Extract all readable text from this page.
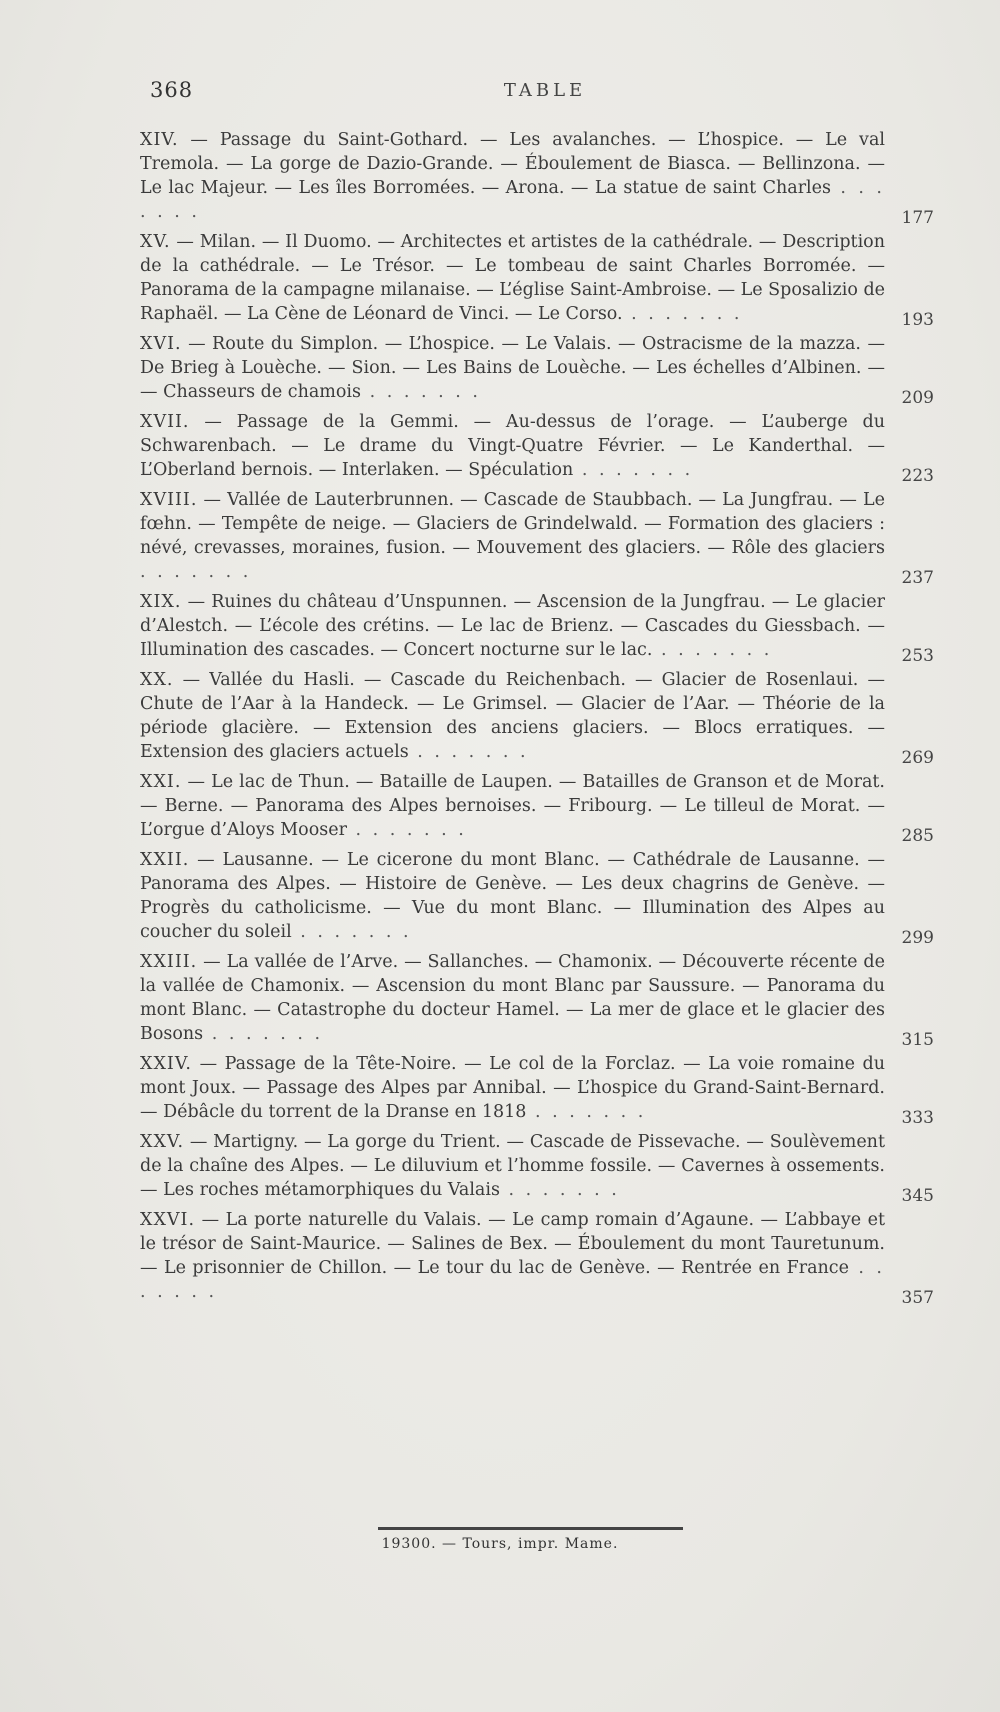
368	TABLE
XIV. — Passage du Saint-Gothard. — Les avalanches. — L’hospice. — Le val Tremola. — La gorge de Dazio-Grande. — Éboulement de Biasca. — Bellinzona. — Le lac Majeur. — Les îles Borromées. — Arona. — La statue de saint Charles . . . . . . .	177
XV. — Milan. — Il Duomo. — Architectes et artistes de la cathédrale. — Description de la cathédrale. — Le Trésor. — Le tombeau de saint Charles Borromée. — Panorama de la campagne milanaise. — L’église Saint-Ambroise. — Le Sposalizio de Raphaël. — La Cène de Léonard de Vinci. — Le Corso. . . . . . . .	193
XVI. — Route du Simplon. — L’hospice. — Le Valais. — Ostracisme de la mazza. — De Brieg à Louèche. — Sion. — Les Bains de Louèche. — Les échelles d’Albinen. — — Chasseurs de chamois . . . . . . .	209
XVII. — Passage de la Gemmi. — Au-dessus de l’orage. — L’auberge du Schwarenbach. — Le drame du Vingt-Quatre Février. — Le Kanderthal. — L’Oberland bernois. — Interlaken. — Spéculation . . . . . . .	223
XVIII. — Vallée de Lauterbrunnen. — Cascade de Staubbach. — La Jungfrau. — Le fœhn. — Tempête de neige. — Glaciers de Grindelwald. — Formation des glaciers : névé, crevasses, moraines, fusion. — Mouvement des glaciers. — Rôle des glaciers . . . . . . .	237
XIX. — Ruines du château d’Unspunnen. — Ascension de la Jungfrau. — Le glacier d’Alestch. — L’école des crétins. — Le lac de Brienz. — Cascades du Giessbach. — Illumination des cascades. — Concert nocturne sur le lac. . . . . . . .	253
XX. — Vallée du Hasli. — Cascade du Reichenbach. — Glacier de Rosenlaui. — Chute de l’Aar à la Handeck. — Le Grimsel. — Glacier de l’Aar. — Théorie de la période glacière. — Extension des anciens glaciers. — Blocs erratiques. — Extension des glaciers actuels . . . . . . .	269
XXI. — Le lac de Thun. — Bataille de Laupen. — Batailles de Granson et de Morat. — Berne. — Panorama des Alpes bernoises. — Fribourg. — Le tilleul de Morat. — L’orgue d’Aloys Mooser . . . . . . .	285
XXII. — Lausanne. — Le cicerone du mont Blanc. — Cathédrale de Lausanne. — Panorama des Alpes. — Histoire de Genève. — Les deux chagrins de Genève. — Progrès du catholicisme. — Vue du mont Blanc. — Illumination des Alpes au coucher du soleil . . . . . . .	299
XXIII. — La vallée de l’Arve. — Sallanches. — Chamonix. — Découverte récente de la vallée de Chamonix. — Ascension du mont Blanc par Saussure. — Panorama du mont Blanc. — Catastrophe du docteur Hamel. — La mer de glace et le glacier des Bosons . . . . . . .	315
XXIV. — Passage de la Tête-Noire. — Le col de la Forclaz. — La voie romaine du mont Joux. — Passage des Alpes par Annibal. — L’hospice du Grand-Saint-Bernard. — Débâcle du torrent de la Dranse en 1818 . . . . . . .	333
XXV. — Martigny. — La gorge du Trient. — Cascade de Pissevache. — Soulèvement de la chaîne des Alpes. — Le diluvium et l’homme fossile. — Cavernes à ossements. — Les roches métamorphiques du Valais . . . . . . .	345
XXVI. — La porte naturelle du Valais. — Le camp romain d’Agaune. — L’abbaye et le trésor de Saint-Maurice. — Salines de Bex. — Éboulement du mont Tauretunum. — Le prisonnier de Chillon. — Le tour du lac de Genève. — Rentrée en France . . . . . . .	357
19300. — Tours, impr. Mame.
